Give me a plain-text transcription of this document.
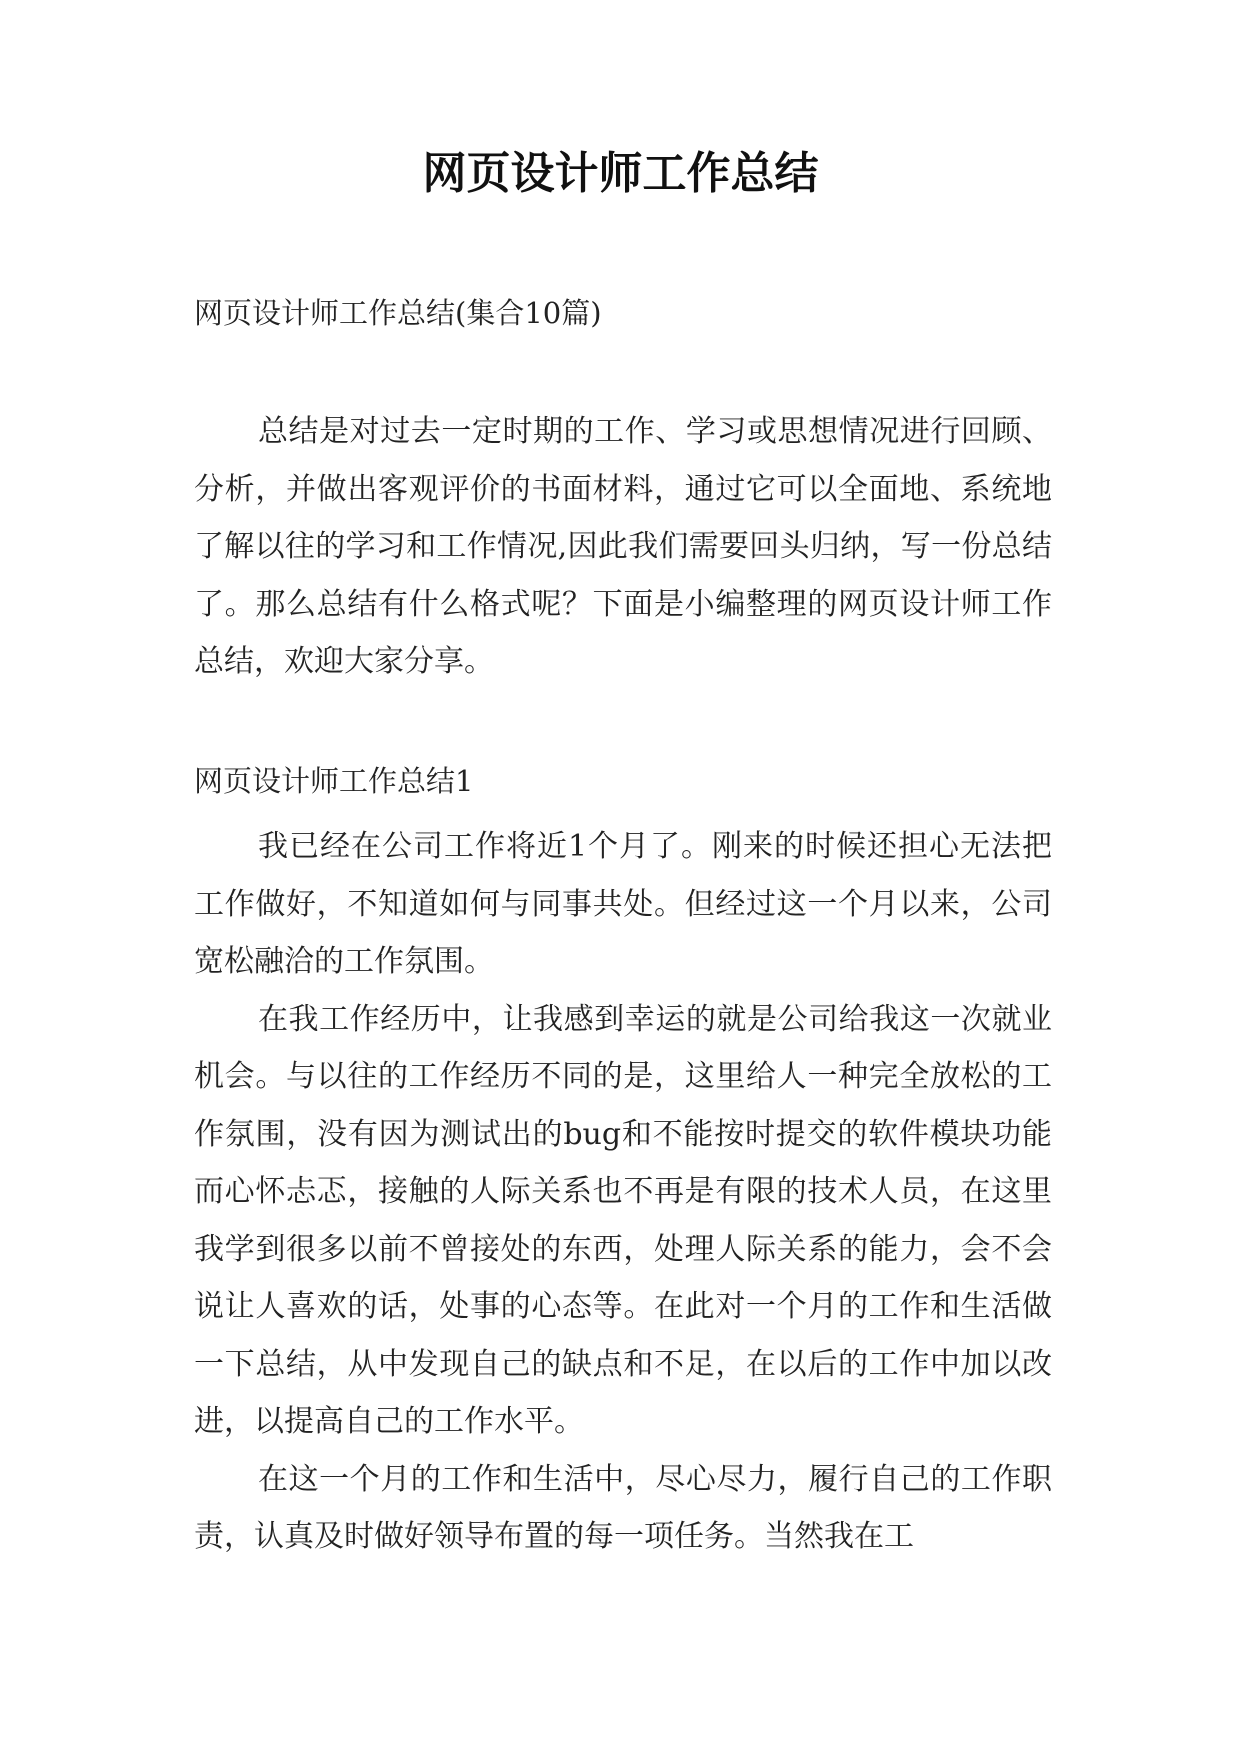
网页设计师工作总结
网页设计师工作总结(集合10篇)

总结是对过去一定时期的工作、学习或思想情况进行回顾、分析，并做出客观评价的书面材料，通过它可以全面地、系统地了解以往的学习和工作情况,因此我们需要回头归纳，写一份总结了。那么总结有什么格式呢？下面是小编整理的网页设计师工作总结，欢迎大家分享。

网页设计师工作总结1

我已经在公司工作将近1个月了。刚来的时候还担心无法把工作做好，不知道如何与同事共处。但经过这一个月以来，公司宽松融洽的工作氛围。

在我工作经历中，让我感到幸运的就是公司给我这一次就业机会。与以往的工作经历不同的是，这里给人一种完全放松的工作氛围，没有因为测试出的bug和不能按时提交的软件模块功能而心怀忐忑，接触的人际关系也不再是有限的技术人员，在这里我学到很多以前不曾接处的东西，处理人际关系的能力，会不会说让人喜欢的话，处事的心态等。在此对一个月的工作和生活做一下总结，从中发现自己的缺点和不足，在以后的工作中加以改进，以提高自己的工作水平。

在这一个月的工作和生活中，尽心尽力，履行自己的工作职责，认真及时做好领导布置的每一项任务。当然我在工
